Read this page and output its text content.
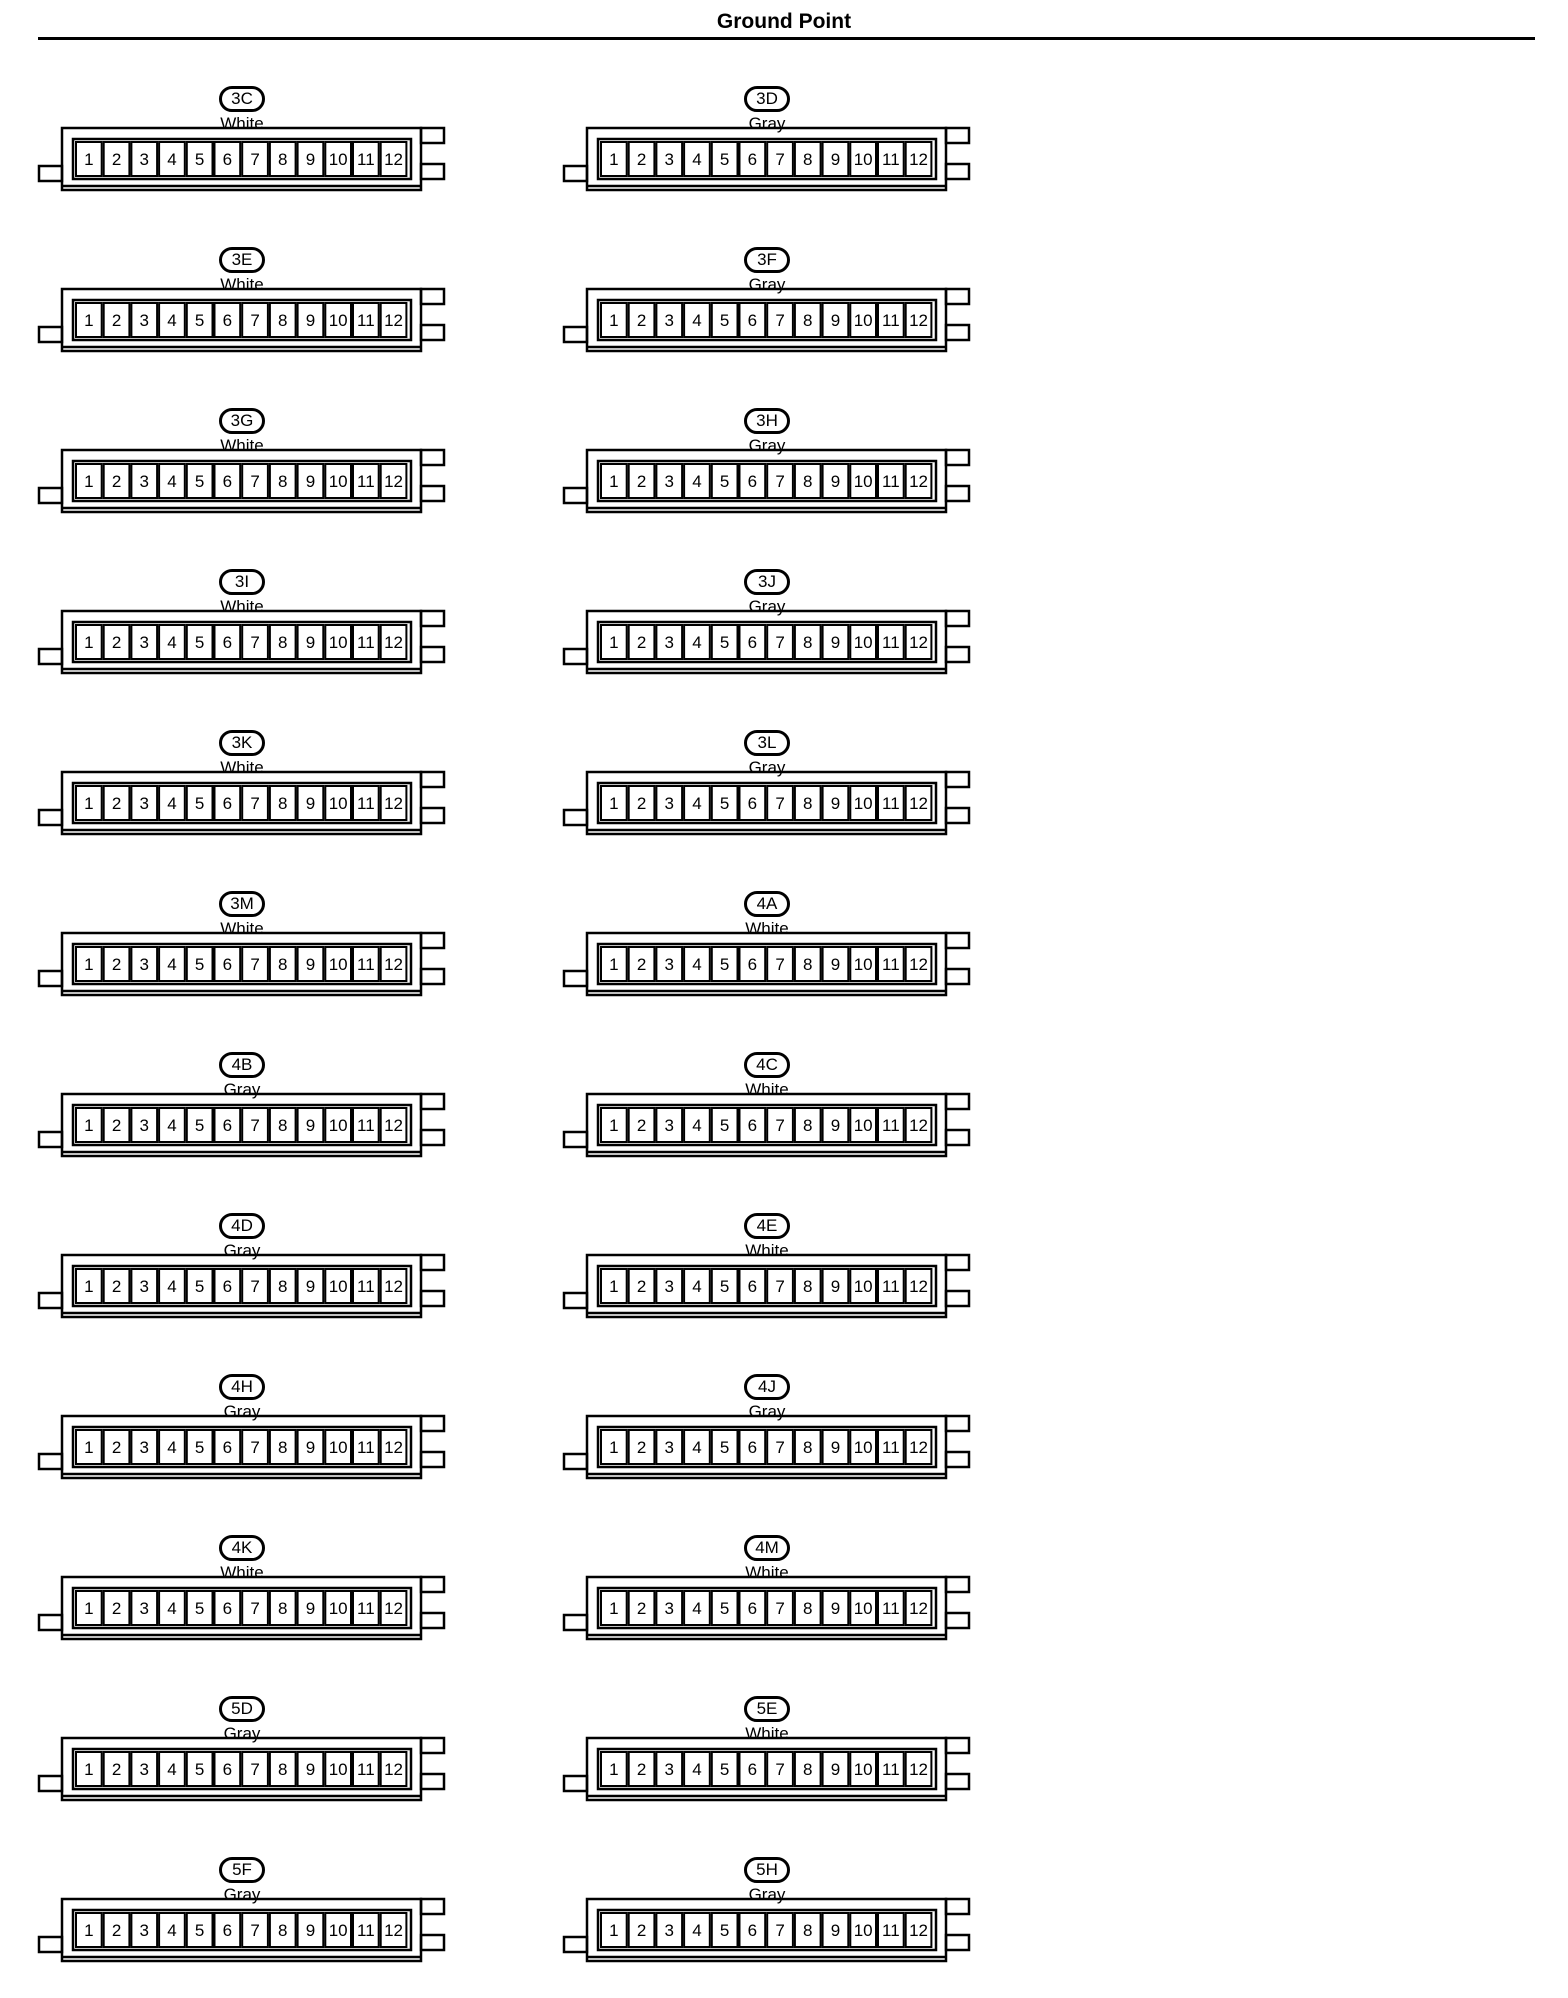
Ground Point
3C
White
1 2 3 4 5 6 7 8 9 10 11 12
3E
White
1 2 3 4 5 6 7 8 9 10 11 12
3G
White
1 2 3 4 5 6 7 8 9 10 11 12
3I
White
1 2 3 4 5 6 7 8 9 10 11 12
3K
White
1 2 3 4 5 6 7 8 9 10 11 12
3M
White
1 2 3 4 5 6 7 8 9 10 11 12
4B
Gray
1 2 3 4 5 6 7 8 9 10 11 12
4D
Gray
1 2 3 4 5 6 7 8 9 10 11 12
4H
Gray
1 2 3 4 5 6 7 8 9 10 11 12
4K
White
1 2 3 4 5 6 7 8 9 10 11 12
5D
Gray
1 2 3 4 5 6 7 8 9 10 11 12
5F
Gray
1 2 3 4 5 6 7 8 9 10 11 12
3D
Gray
1 2 3 4 5 6 7 8 9 10 11 12
3F
Gray
1 2 3 4 5 6 7 8 9 10 11 12
3H
Gray
1 2 3 4 5 6 7 8 9 10 11 12
3J
Gray
1 2 3 4 5 6 7 8 9 10 11 12
3L
Gray
1 2 3 4 5 6 7 8 9 10 11 12
4A
White
1 2 3 4 5 6 7 8 9 10 11 12
4C
White
1 2 3 4 5 6 7 8 9 10 11 12
4E
White
1 2 3 4 5 6 7 8 9 10 11 12
4J
Gray
1 2 3 4 5 6 7 8 9 10 11 12
4M
White
1 2 3 4 5 6 7 8 9 10 11 12
5E
White
1 2 3 4 5 6 7 8 9 10 11 12
5H
Gray
1 2 3 4 5 6 7 8 9 10 11 12
